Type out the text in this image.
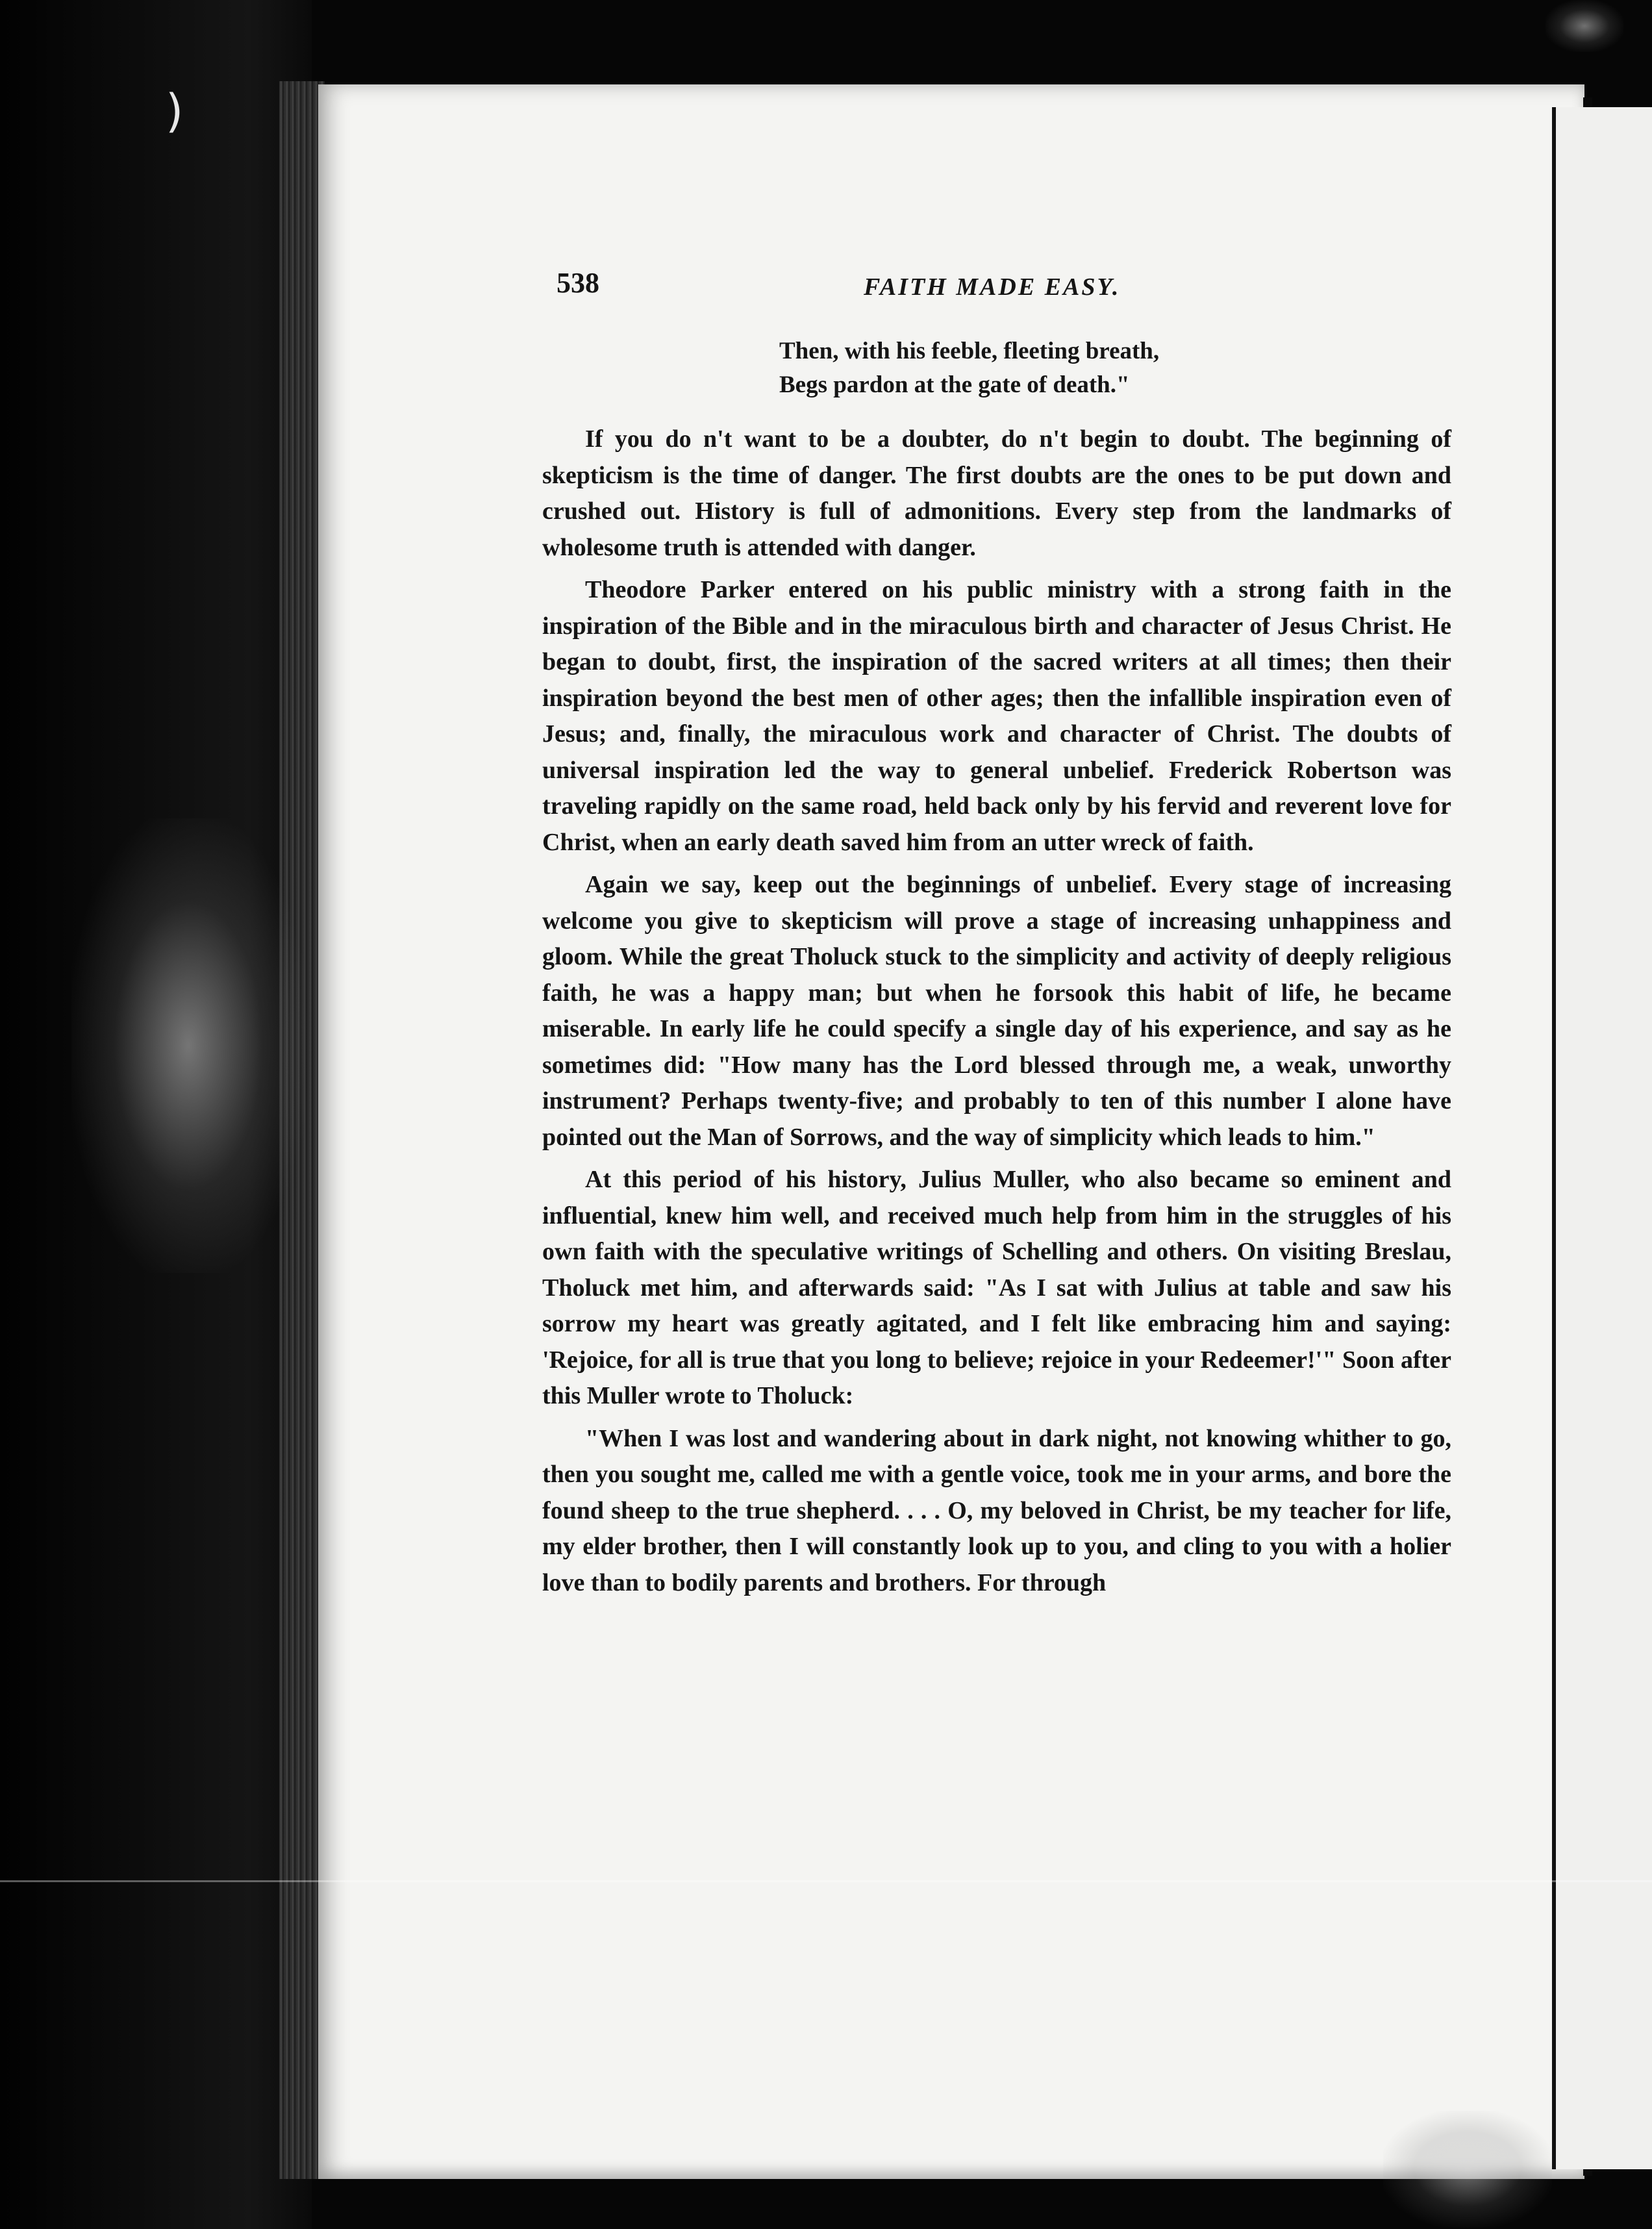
)
538	FAITH MADE EASY.
Then, with his feeble, fleeting breath,
Begs pardon at the gate of death."

If you do n't want to be a doubter, do n't begin to doubt. The beginning of skepticism is the time of danger. The first doubts are the ones to be put down and crushed out. History is full of admonitions. Every step from the landmarks of wholesome truth is attended with danger.

Theodore Parker entered on his public ministry with a strong faith in the inspiration of the Bible and in the miraculous birth and character of Jesus Christ. He began to doubt, first, the inspiration of the sacred writers at all times; then their inspiration beyond the best men of other ages; then the infallible inspiration even of Jesus; and, finally, the miraculous work and character of Christ. The doubts of universal inspiration led the way to general unbelief. Frederick Robertson was traveling rapidly on the same road, held back only by his fervid and reverent love for Christ, when an early death saved him from an utter wreck of faith.

Again we say, keep out the beginnings of unbelief. Every stage of increasing welcome you give to skepticism will prove a stage of increasing unhappiness and gloom. While the great Tholuck stuck to the simplicity and activity of deeply religious faith, he was a happy man; but when he forsook this habit of life, he became miserable. In early life he could specify a single day of his experience, and say as he sometimes did: "How many has the Lord blessed through me, a weak, unworthy instrument? Perhaps twenty-five; and probably to ten of this number I alone have pointed out the Man of Sorrows, and the way of simplicity which leads to him."

At this period of his history, Julius Muller, who also became so eminent and influential, knew him well, and received much help from him in the struggles of his own faith with the speculative writings of Schelling and others. On visiting Breslau, Tholuck met him, and afterwards said: "As I sat with Julius at table and saw his sorrow my heart was greatly agitated, and I felt like embracing him and saying: 'Rejoice, for all is true that you long to believe; rejoice in your Redeemer!'" Soon after this Muller wrote to Tholuck:

"When I was lost and wandering about in dark night, not knowing whither to go, then you sought me, called me with a gentle voice, took me in your arms, and bore the found sheep to the true shepherd. . . . O, my beloved in Christ, be my teacher for life, my elder brother, then I will constantly look up to you, and cling to you with a holier love than to bodily parents and brothers. For through
